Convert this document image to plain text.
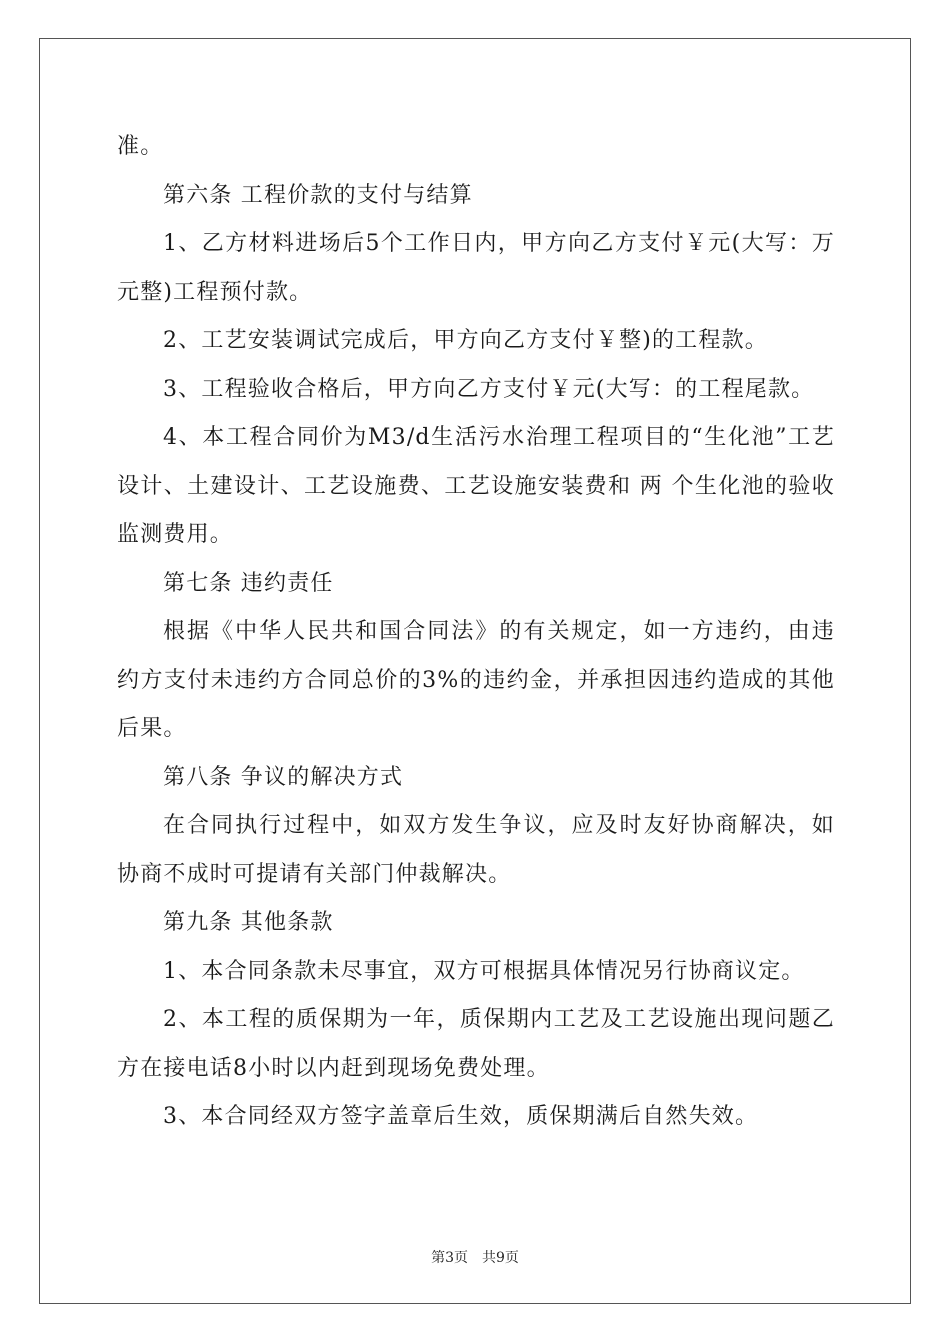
准。

第六条 工程价款的支付与结算

1、乙方材料进场后5个工作日内，甲方向乙方支付￥元(大写：万元整)工程预付款。

2、工艺安装调试完成后，甲方向乙方支付￥整)的工程款。

3、工程验收合格后，甲方向乙方支付￥元(大写：的工程尾款。

4、本工程合同价为M3/d生活污水治理工程项目的“生化池”工艺设计、土建设计、工艺设施费、工艺设施安装费和 两 个生化池的验收监测费用。

第七条 违约责任

根据《中华人民共和国合同法》的有关规定，如一方违约，由违约方支付未违约方合同总价的3%的违约金，并承担因违约造成的其他后果。

第八条 争议的解决方式

在合同执行过程中，如双方发生争议，应及时友好协商解决，如协商不成时可提请有关部门仲裁解决。

第九条 其他条款

1、本合同条款未尽事宜，双方可根据具体情况另行协商议定。

2、本工程的质保期为一年，质保期内工艺及工艺设施出现问题乙方在接电话8小时以内赶到现场免费处理。

3、本合同经双方签字盖章后生效，质保期满后自然失效。

第3页 共9页
